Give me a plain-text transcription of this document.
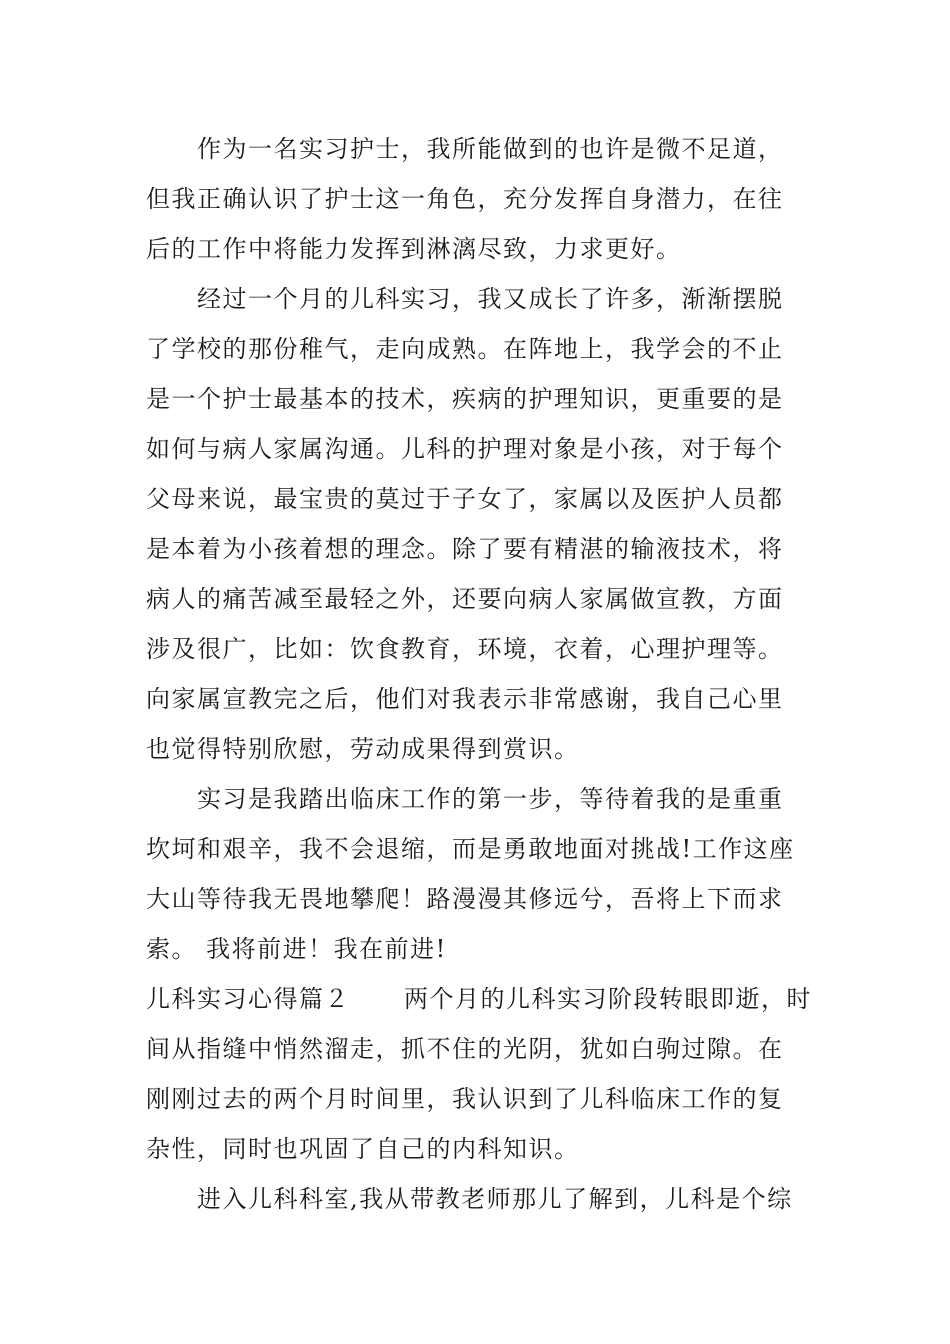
作为一名实习护士，我所能做到的也许是微不足道，
但我正确认识了护士这一角色，充分发挥自身潜力，在往
后的工作中将能力发挥到淋漓尽致，力求更好。
经过一个月的儿科实习，我又成长了许多，渐渐摆脱
了学校的那份稚气，走向成熟。在阵地上，我学会的不止
是一个护士最基本的技术，疾病的护理知识，更重要的是
如何与病人家属沟通。儿科的护理对象是小孩，对于每个
父母来说，最宝贵的莫过于子女了，家属以及医护人员都
是本着为小孩着想的理念。除了要有精湛的输液技术，将
病人的痛苦减至最轻之外，还要向病人家属做宣教，方面
涉及很广，比如：饮食教育，环境，衣着，心理护理等。
向家属宣教完之后，他们对我表示非常感谢，我自己心里
也觉得特别欣慰，劳动成果得到赏识。
实习是我踏出临床工作的第一步，等待着我的是重重
坎坷和艰辛，我不会退缩，而是勇敢地面对挑战!工作这座
大山等待我无畏地攀爬！路漫漫其修远兮，吾将上下而求
索。 我将前进！我在前进!
儿科实习心得篇２ 两个月的儿科实习阶段转眼即逝，时
间从指缝中悄然溜走，抓不住的光阴，犹如白驹过隙。在
刚刚过去的两个月时间里，我认识到了儿科临床工作的复
杂性，同时也巩固了自己的内科知识。
进入儿科科室,我从带教老师那儿了解到，儿科是个综
